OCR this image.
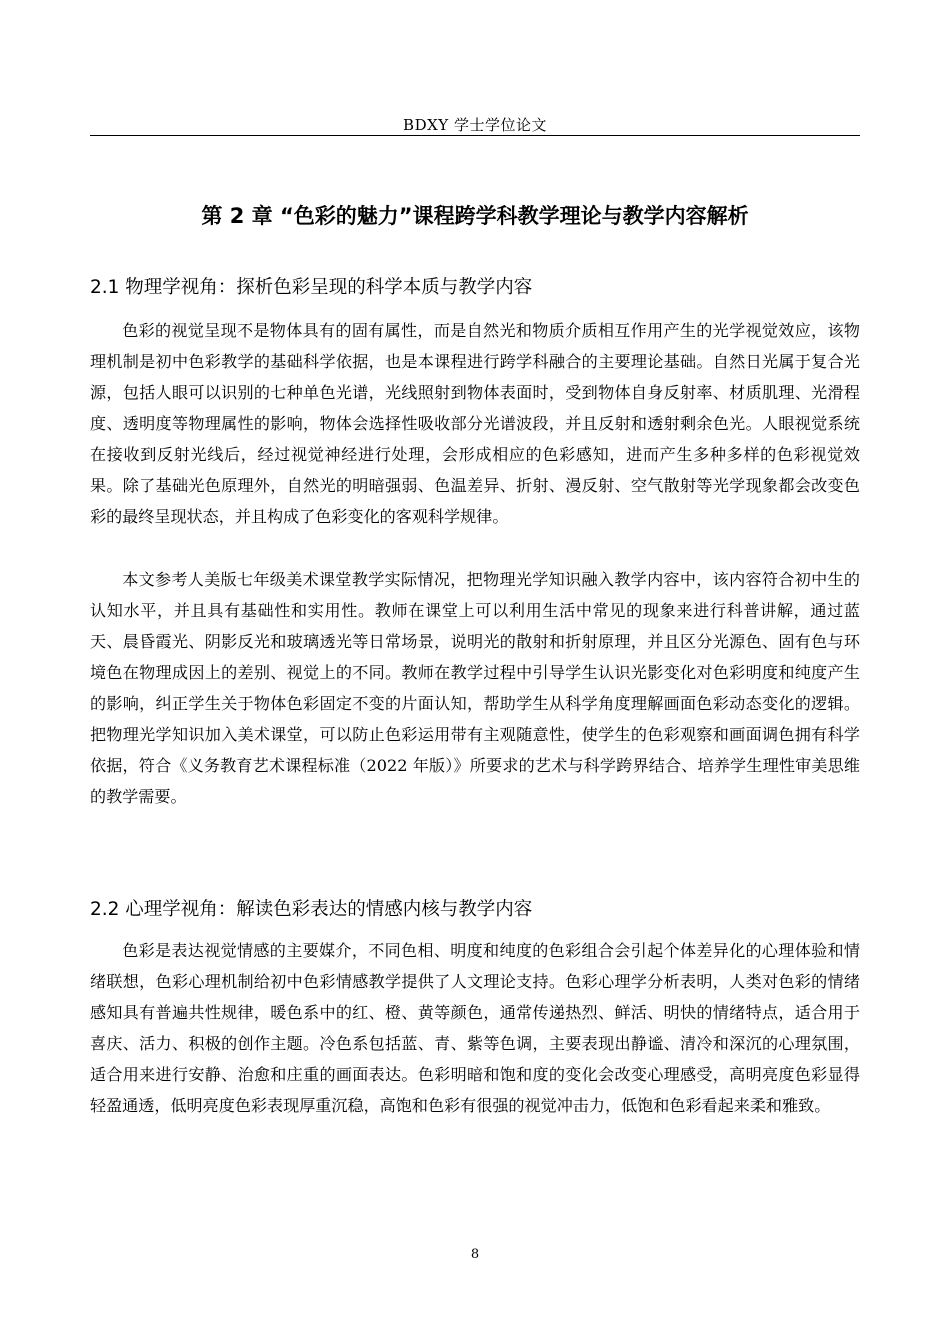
BDXY 学士学位论文
第 2 章 “色彩的魅力”课程跨学科教学理论与教学内容解析
2.1 物理学视角：探析色彩呈现的科学本质与教学内容

色彩的视觉呈现不是物体具有的固有属性，而是自然光和物质介质相互作用产生的光学视觉效应，该物理机制是初中色彩教学的基础科学依据，也是本课程进行跨学科融合的主要理论基础。自然日光属于复合光源，包括人眼可以识别的七种单色光谱，光线照射到物体表面时，受到物体自身反射率、材质肌理、光滑程度、透明度等物理属性的影响，物体会选择性吸收部分光谱波段，并且反射和透射剩余色光。人眼视觉系统在接收到反射光线后，经过视觉神经进行处理，会形成相应的色彩感知，进而产生多种多样的色彩视觉效果。除了基础光色原理外，自然光的明暗强弱、色温差异、折射、漫反射、空气散射等光学现象都会改变色彩的最终呈现状态，并且构成了色彩变化的客观科学规律。

本文参考人美版七年级美术课堂教学实际情况，把物理光学知识融入教学内容中，该内容符合初中生的认知水平，并且具有基础性和实用性。教师在课堂上可以利用生活中常见的现象来进行科普讲解，通过蓝天、晨昏霞光、阴影反光和玻璃透光等日常场景，说明光的散射和折射原理，并且区分光源色、固有色与环境色在物理成因上的差别、视觉上的不同。教师在教学过程中引导学生认识光影变化对色彩明度和纯度产生的影响，纠正学生关于物体色彩固定不变的片面认知，帮助学生从科学角度理解画面色彩动态变化的逻辑。把物理光学知识加入美术课堂，可以防止色彩运用带有主观随意性，使学生的色彩观察和画面调色拥有科学依据，符合《义务教育艺术课程标准（2022 年版）》所要求的艺术与科学跨界结合、培养学生理性审美思维的教学需要。

2.2 心理学视角：解读色彩表达的情感内核与教学内容

色彩是表达视觉情感的主要媒介，不同色相、明度和纯度的色彩组合会引起个体差异化的心理体验和情绪联想，色彩心理机制给初中色彩情感教学提供了人文理论支持。色彩心理学分析表明，人类对色彩的情绪感知具有普遍共性规律，暖色系中的红、橙、黄等颜色，通常传递热烈、鲜活、明快的情绪特点，适合用于喜庆、活力、积极的创作主题。冷色系包括蓝、青、紫等色调，主要表现出静谧、清冷和深沉的心理氛围，适合用来进行安静、治愈和庄重的画面表达。色彩明暗和饱和度的变化会改变心理感受，高明亮度色彩显得轻盈通透，低明亮度色彩表现厚重沉稳，高饱和色彩有很强的视觉冲击力，低饱和色彩看起来柔和雅致。

8
